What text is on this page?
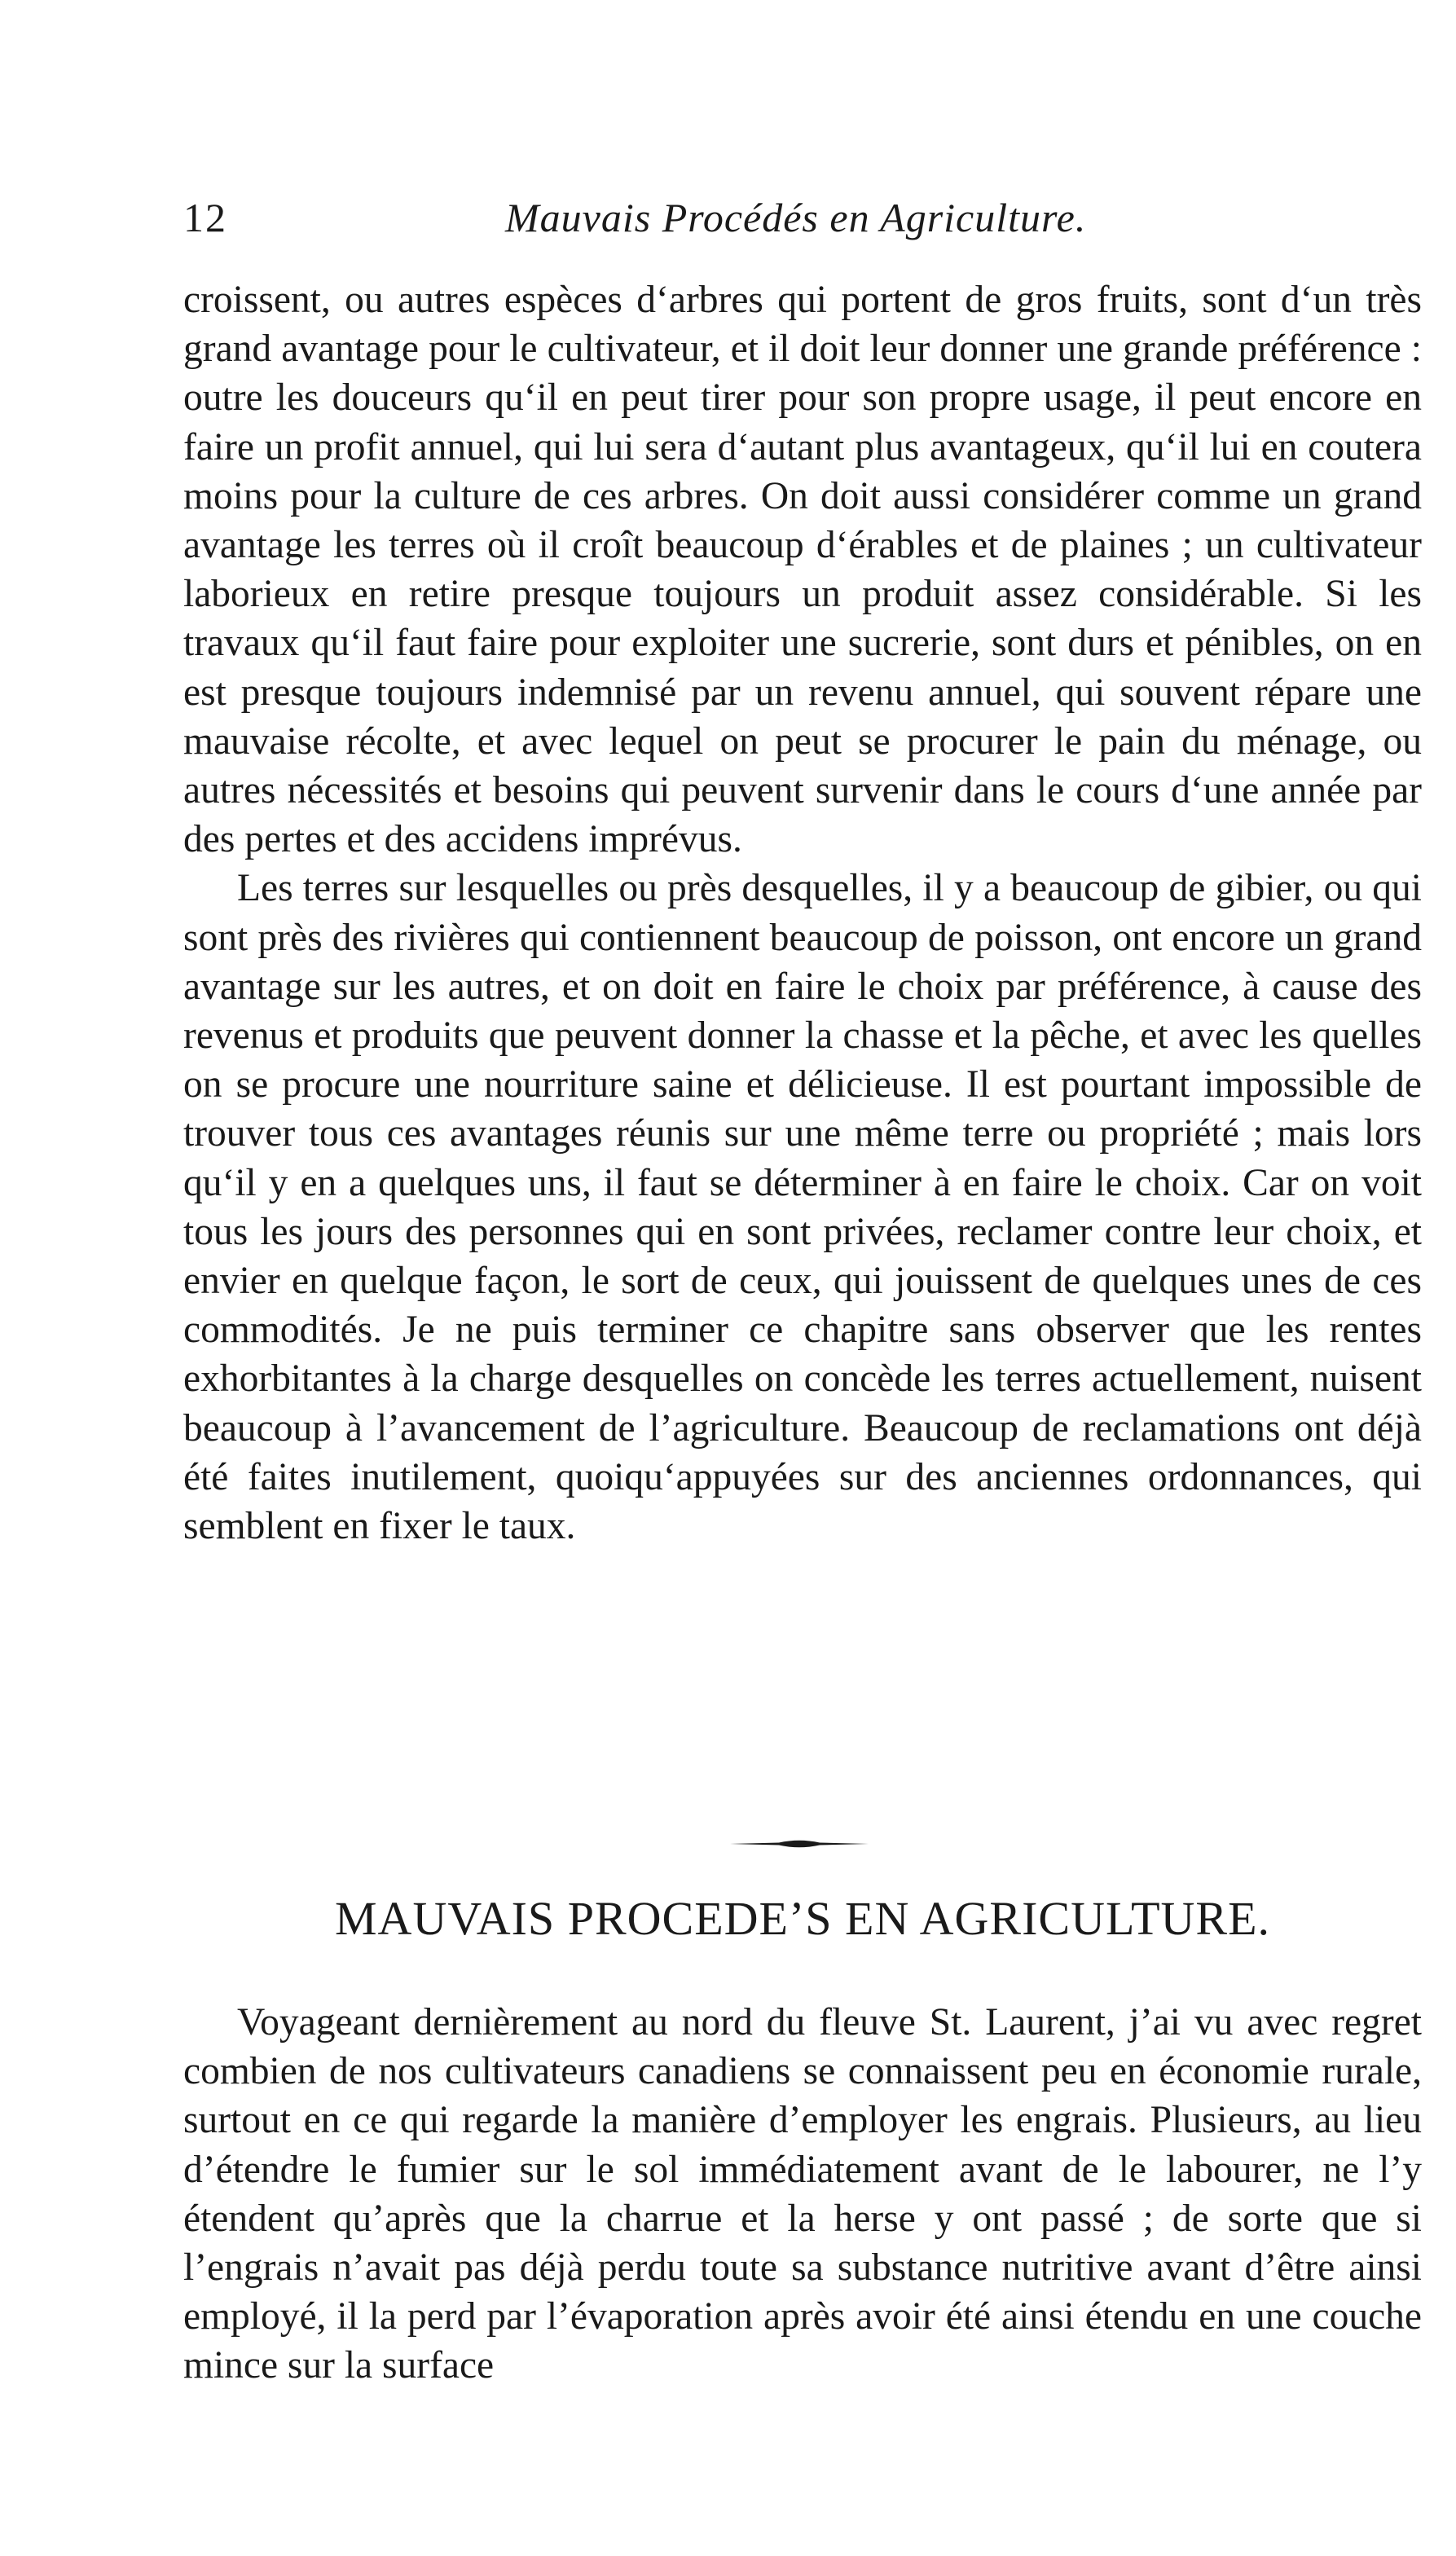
12	Mauvais Procédés en Agriculture.

croissent, ou autres espèces d‘arbres qui portent de gros fruits, sont d‘un très grand avantage pour le cultivateur, et il doit leur donner une grande préférence : outre les douceurs qu‘il en peut tirer pour son propre usage, il peut encore en faire un profit annuel, qui lui sera d‘autant plus avantageux, qu‘il lui en coutera moins pour la culture de ces arbres. On doit aussi considérer comme un grand avantage les terres où il croît beaucoup d‘érables et de plaines ; un cultivateur laborieux en retire presque toujours un produit assez considérable. Si les travaux qu‘il faut faire pour exploiter une sucrerie, sont durs et pénibles, on en est presque toujours indemnisé par un revenu annuel, qui souvent répare une mauvaise récolte, et avec lequel on peut se procurer le pain du ménage, ou autres nécessités et besoins qui peuvent survenir dans le cours d‘une année par des pertes et des accidens imprévus.

Les terres sur lesquelles ou près desquelles, il y a beaucoup de gibier, ou qui sont près des rivières qui contiennent beaucoup de poisson, ont encore un grand avantage sur les autres, et on doit en faire le choix par préférence, à cause des revenus et produits que peuvent donner la chasse et la pêche, et avec les quelles on se procure une nourriture saine et délicieuse. Il est pourtant impossible de trouver tous ces avantages réunis sur une même terre ou propriété ; mais lors qu‘il y en a quelques uns, il faut se déterminer à en faire le choix. Car on voit tous les jours des personnes qui en sont privées, reclamer contre leur choix, et envier en quelque façon, le sort de ceux, qui jouissent de quelques unes de ces commodités. Je ne puis terminer ce chapitre sans observer que les rentes exhorbitantes à la charge desquelles on concède les terres actuellement, nuisent beaucoup à l’avancement de l’agriculture. Beaucoup de reclamations ont déjà été faites inutilement, quoiqu‘appuyées sur des anciennes ordonnances, qui semblent en fixer le taux.

MAUVAIS PROCEDE’S EN AGRICULTURE.

Voyageant dernièrement au nord du fleuve St. Laurent, j’ai vu avec regret combien de nos cultivateurs canadiens se connaissent peu en économie rurale, surtout en ce qui regarde la manière d’employer les engrais. Plusieurs, au lieu d’étendre le fumier sur le sol immédiatement avant de le labourer, ne l’y étendent qu’après que la charrue et la herse y ont passé ; de sorte que si l’engrais n’avait pas déjà perdu toute sa substance nutritive avant d’être ainsi employé, il la perd par l’évaporation après avoir été ainsi étendu en une couche mince sur la surface
